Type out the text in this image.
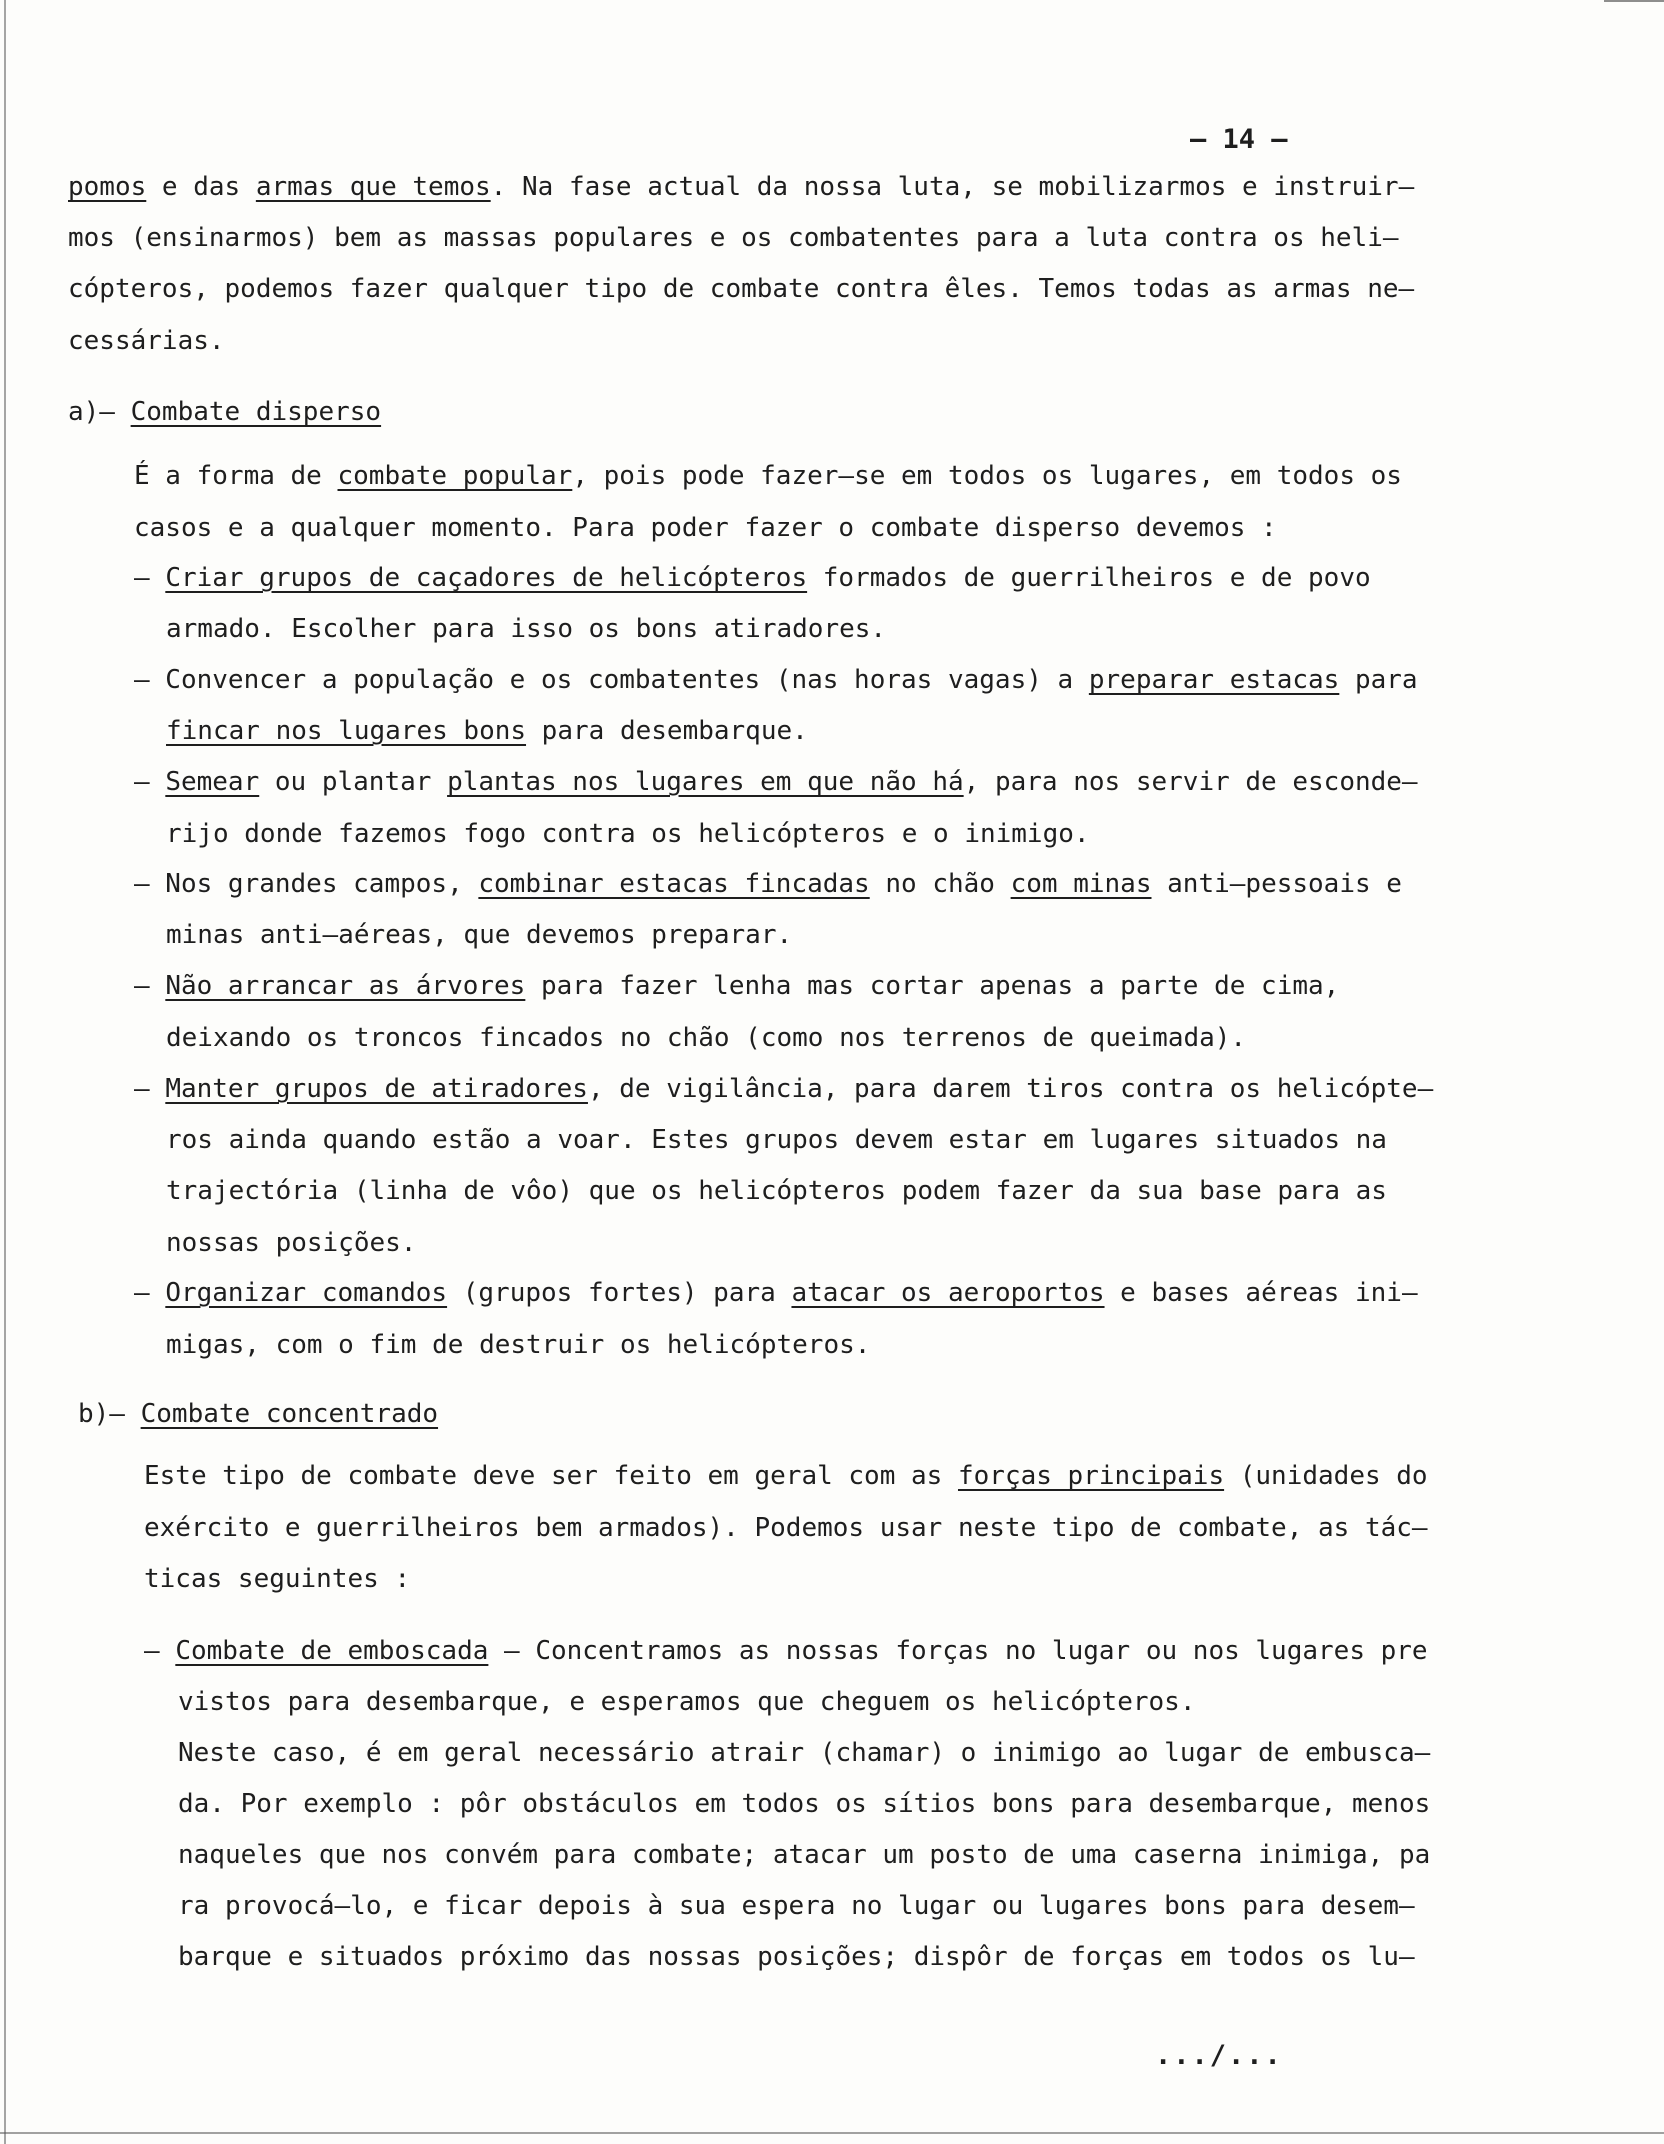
– 14 –
pomos e das armas que temos. Na fase actual da nossa luta, se mobilizarmos e instruir–
mos (ensinarmos) bem as massas populares e os combatentes para a luta contra os heli–
cópteros, podemos fazer qualquer tipo de combate contra êles. Temos todas as armas ne–
cessárias.
a)– Combate disperso
É a forma de combate popular, pois pode fazer–se em todos os lugares, em todos os
casos e a qualquer momento. Para poder fazer o combate disperso devemos :
– Criar grupos de caçadores de helicópteros formados de guerrilheiros e de povo
armado. Escolher para isso os bons atiradores.
– Convencer a população e os combatentes (nas horas vagas) a preparar estacas para
fincar nos lugares bons para desembarque.
– Semear ou plantar plantas nos lugares em que não há, para nos servir de esconde–
rijo donde fazemos fogo contra os helicópteros e o inimigo.
– Nos grandes campos, combinar estacas fincadas no chão com minas anti–pessoais e
minas anti–aéreas, que devemos preparar.
– Não arrancar as árvores para fazer lenha mas cortar apenas a parte de cima,
deixando os troncos fincados no chão (como nos terrenos de queimada).
– Manter grupos de atiradores, de vigilância, para darem tiros contra os helicópte–
ros ainda quando estão a voar. Estes grupos devem estar em lugares situados na
trajectória (linha de vôo) que os helicópteros podem fazer da sua base para as
nossas posições.
– Organizar comandos (grupos fortes) para atacar os aeroportos e bases aéreas ini–
migas, com o fim de destruir os helicópteros.
b)– Combate concentrado
Este tipo de combate deve ser feito em geral com as forças principais (unidades do
exército e guerrilheiros bem armados). Podemos usar neste tipo de combate, as tác–
ticas seguintes :
– Combate de emboscada – Concentramos as nossas forças no lugar ou nos lugares pre
vistos para desembarque, e esperamos que cheguem os helicópteros.
Neste caso, é em geral necessário atrair (chamar) o inimigo ao lugar de embusca–
da. Por exemplo : pôr obstáculos em todos os sítios bons para desembarque, menos
naqueles que nos convém para combate; atacar um posto de uma caserna inimiga, pa
ra provocá–lo, e ficar depois à sua espera no lugar ou lugares bons para desem–
barque e situados próximo das nossas posições; dispôr de forças em todos os lu–
.../...
